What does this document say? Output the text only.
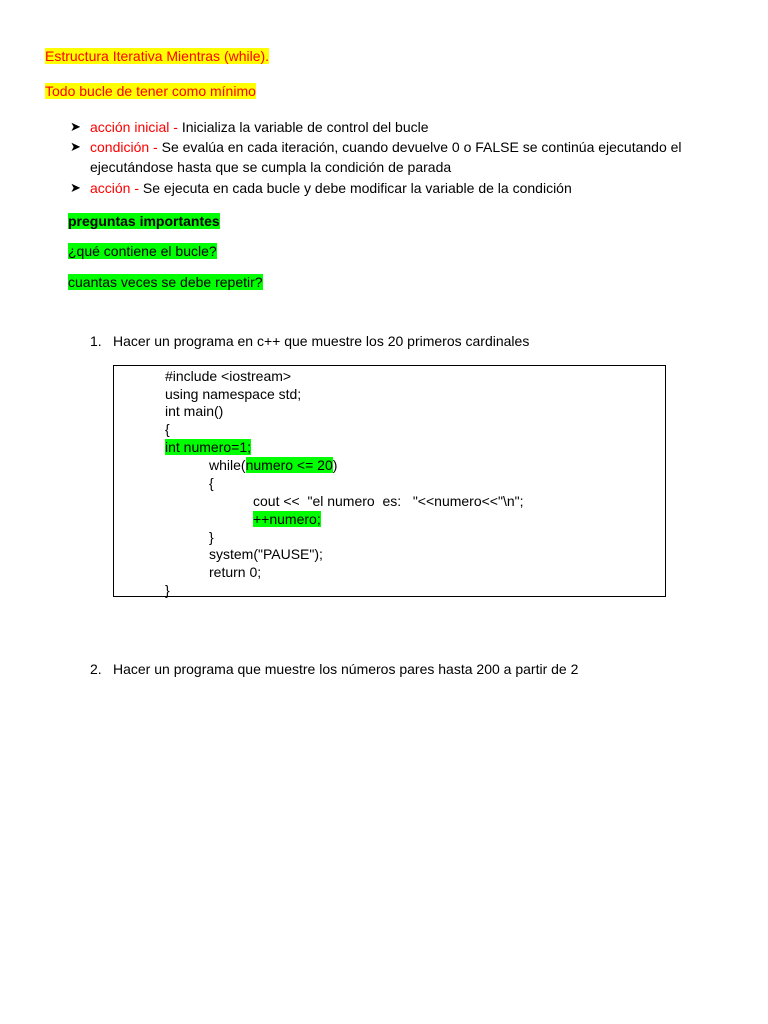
Estructura Iterativa Mientras (while).
Todo bucle de tener como mínimo
➤ acción inicial - Inicializa la variable de control del bucle
➤ condición - Se evalúa en cada iteración, cuando devuelve 0 o FALSE se continúa ejecutando el
ejecutándose hasta que se cumpla la condición de parada
➤ acción - Se ejecuta en cada bucle y debe modificar la variable de la condición
preguntas importantes
¿qué contiene el bucle?
cuantas veces se debe repetir?
1. Hacer un programa en c++ que muestre los 20 primeros cardinales
#include <iostream>
using namespace std;
int main()
{
int numero=1;
while(numero <= 20)
{
cout <<  "el numero  es:   "<<numero<<"\n";
++numero;
}
system("PAUSE");
return 0;
}
2. Hacer un programa que muestre los números pares hasta 200 a partir de 2
